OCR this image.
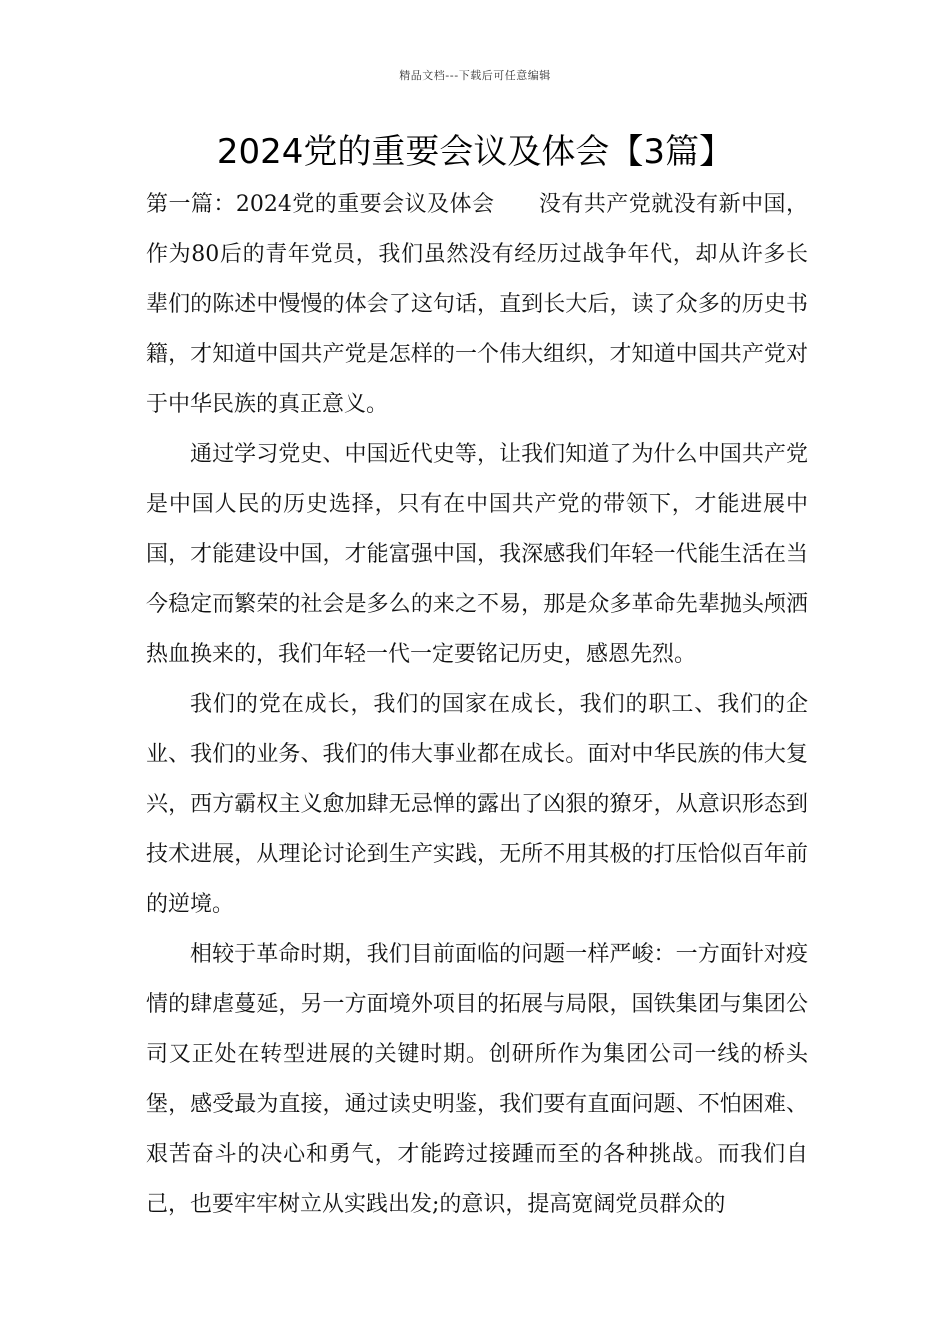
精品文档---下载后可任意编辑
2024党的重要会议及体会【3篇】

第一篇：2024党的重要会议及体会 没有共产党就没有新中国，作为80后的青年党员，我们虽然没有经历过战争年代，却从许多长辈们的陈述中慢慢的体会了这句话，直到长大后，读了众多的历史书籍，才知道中国共产党是怎样的一个伟大组织，才知道中国共产党对于中华民族的真正意义。

通过学习党史、中国近代史等，让我们知道了为什么中国共产党是中国人民的历史选择，只有在中国共产党的带领下，才能进展中国，才能建设中国，才能富强中国，我深感我们年轻一代能生活在当今稳定而繁荣的社会是多么的来之不易，那是众多革命先辈抛头颅洒热血换来的，我们年轻一代一定要铭记历史，感恩先烈。

我们的党在成长，我们的国家在成长，我们的职工、我们的企业、我们的业务、我们的伟大事业都在成长。面对中华民族的伟大复兴，西方霸权主义愈加肆无忌惮的露出了凶狠的獠牙，从意识形态到技术进展，从理论讨论到生产实践，无所不用其极的打压恰似百年前的逆境。

相较于革命时期，我们目前面临的问题一样严峻：一方面针对疫情的肆虐蔓延，另一方面境外项目的拓展与局限，国铁集团与集团公司又正处在转型进展的关键时期。创研所作为集团公司一线的桥头堡，感受最为直接，通过读史明鉴，我们要有直面问题、不怕困难、艰苦奋斗的决心和勇气，才能跨过接踵而至的各种挑战。而我们自己，也要牢牢树立从实践出发;的意识，提高宽阔党员群众的
